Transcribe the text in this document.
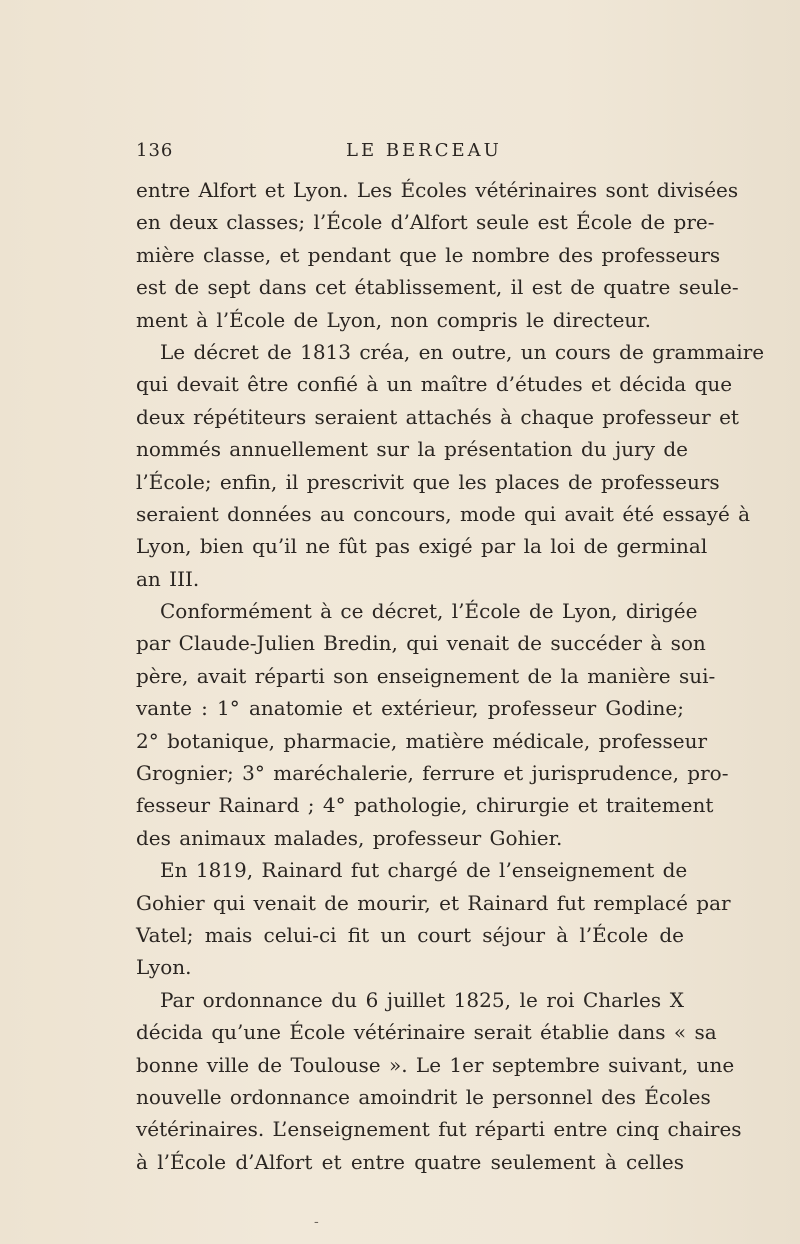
136	LE BERCEAU
entre Alfort et Lyon. Les Écoles vétérinaires sont divisées
en deux classes; l’École d’Alfort seule est École de pre-
mière classe, et pendant que le nombre des professeurs
est de sept dans cet établissement, il est de quatre seule-
ment à l’École de Lyon, non compris le directeur.
Le décret de 1813 créa, en outre, un cours de grammaire
qui devait être confié à un maître d’études et décida que
deux répétiteurs seraient attachés à chaque professeur et
nommés annuellement sur la présentation du jury de
l’École; enfin, il prescrivit que les places de professeurs
seraient données au concours, mode qui avait été essayé à
Lyon, bien qu’il ne fût pas exigé par la loi de germinal
an III.
Conformément à ce décret, l’École de Lyon, dirigée
par Claude-Julien Bredin, qui venait de succéder à son
père, avait réparti son enseignement de la manière sui-
vante : 1° anatomie et extérieur, professeur Godine;
2° botanique, pharmacie, matière médicale, professeur
Grognier; 3° maréchalerie, ferrure et jurisprudence, pro-
fesseur Rainard ; 4° pathologie, chirurgie et traitement
des animaux malades, professeur Gohier.
En 1819, Rainard fut chargé de l’enseignement de
Gohier qui venait de mourir, et Rainard fut remplacé par
Vatel; mais celui-ci fit un court séjour à l’École de
Lyon.
Par ordonnance du 6 juillet 1825, le roi Charles X
décida qu’une École vétérinaire serait établie dans « sa
bonne ville de Toulouse ». Le 1er septembre suivant, une
nouvelle ordonnance amoindrit le personnel des Écoles
vétérinaires. L’enseignement fut réparti entre cinq chaires
à l’École d’Alfort et entre quatre seulement à celles
-
